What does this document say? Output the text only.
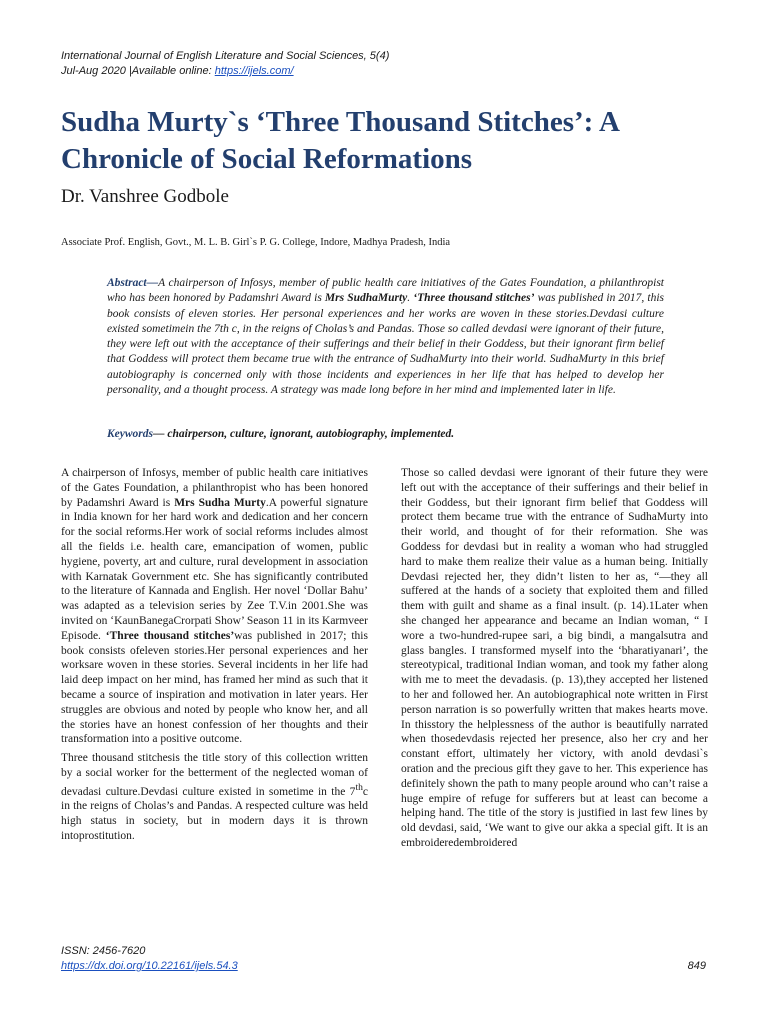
International Journal of English Literature and Social Sciences, 5(4)
Jul-Aug 2020 |Available online: https://ijels.com/
Sudha Murty`s ‘Three Thousand Stitches’: A Chronicle of Social Reformations
Dr. Vanshree Godbole
Associate Prof. English, Govt., M. L. B. Girl`s P. G. College, Indore, Madhya Pradesh, India

Abstract—A chairperson of Infosys, member of public health care initiatives of the Gates Foundation, a philanthropist who has been honored by Padamshri Award is Mrs SudhaMurty. ‘Three thousand stitches’ was published in 2017, this book consists of eleven stories. Her personal experiences and her works are woven in these stories.Devdasi culture existed sometimein the 7th c, in the reigns of Cholas’s and Pandas. Those so called devdasi were ignorant of their future, they were left out with the acceptance of their sufferings and their belief in their Goddess, but their ignorant firm belief that Goddess will protect them became true with the entrance of SudhaMurty into their world. SudhaMurty in this brief autobiography is concerned only with those incidents and experiences in her life that has helped to develop her personality, and a thought process. A strategy was made long before in her mind and implemented later in life.

Keywords— chairperson, culture, ignorant, autobiography, implemented.

A chairperson of Infosys, member of public health care initiatives of the Gates Foundation, a philanthropist who has been honored by Padamshri Award is Mrs Sudha Murty.A powerful signature in India known for her hard work and dedication and her concern for the social reforms.Her work of social reforms includes almost all the fields i.e. health care, emancipation of women, public hygiene, poverty, art and culture, rural development in association with Karnatak Government etc. She has significantly contributed to the literature of Kannada and English. Her novel ‘Dollar Bahu’ was adapted as a television series by Zee T.V.in 2001.She was invited on ‘KaunBanegaCrorpati Show’ Season 11 in its Karmveer Episode. ‘Three thousand stitches’was published in 2017; this book consists ofeleven stories.Her personal experiences and her worksare woven in these stories. Several incidents in her life had laid deep impact on her mind, has framed her mind as such that it became a source of inspiration and motivation in later years. Her struggles are obvious and noted by people who know her, and all the stories have an honest confession of her thoughts and their transformation into a positive outcome.

Three thousand stitchesis the title story of this collection written by a social worker for the betterment of the neglected woman of devadasi culture.Devdasi culture existed in sometime in the 7thc in the reigns of Cholas’s and Pandas. A respected culture was held high status in society, but in modern days it is thrown intoprostitution.

Those so called devdasi were ignorant of their future they were left out with the acceptance of their sufferings and their belief in their Goddess, but their ignorant firm belief that Goddess will protect them became true with the entrance of SudhaMurty into their world, and thought of for their reformation. She was Goddess for devdasi but in reality a woman who had struggled hard to make them realize their value as a human being. Initially Devdasi rejected her, they didn’t listen to her as, “—they all suffered at the hands of a society that exploited them and filled them with guilt and shame as a final insult. (p. 14).1Later when she changed her appearance and became an Indian woman, “ I wore a two-hundred-rupee sari, a big bindi, a mangalsutra and glass bangles. I transformed myself into the ‘bharatiyanari’, the stereotypical, traditional Indian woman, and took my father along with me to meet the devadasis. (p. 13),they accepted her listened to her and followed her. An autobiographical note written in First person narration is so powerfully written that makes hearts move. In thisstory the helplessness of the author is beautifully narrated when thosedevdasis rejected her presence, also her cry and her constant effort, ultimately her victory, with anold devdasi`s oration and the precious gift they gave to her. This experience has definitely shown the path to many people around who can’t raise a huge empire of refuge for sufferers but at least can become a helping hand. The title of the story is justified in last few lines by old devdasi, said, ‘We want to give our akka a special gift. It is an embroideredembroidered

ISSN: 2456-7620
https://dx.doi.org/10.22161/ijels.54.3	849
